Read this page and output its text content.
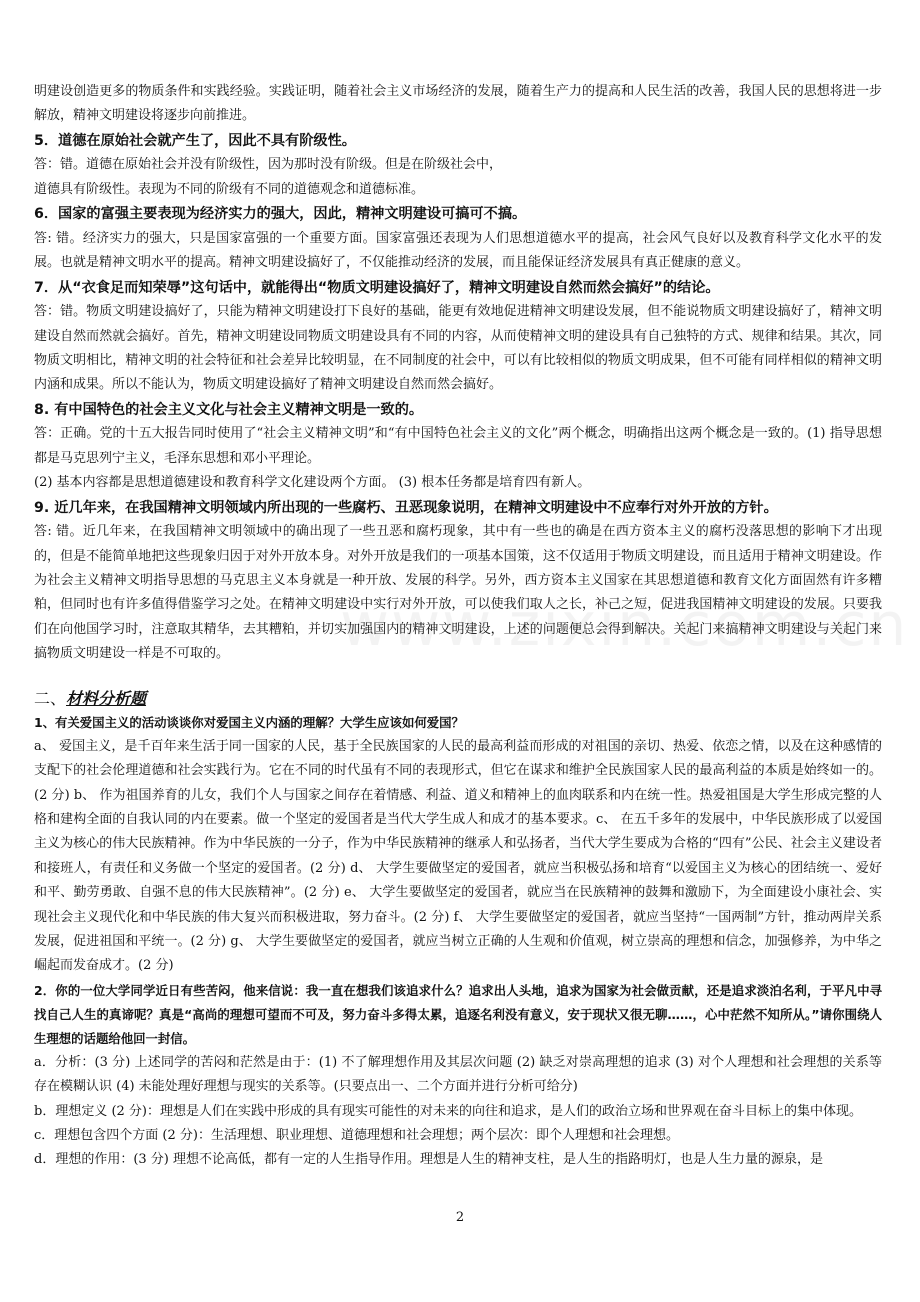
明建设创造更多的物质条件和实践经验。实践证明，随着社会主义市场经济的发展，随着生产力的提高和人民生活的改善，我国人民的思想将进一步解放，精神文明建设将逐步向前推进。

5．道德在原始社会就产生了，因此不具有阶级性。

答：错。道德在原始社会并没有阶级性，因为那时没有阶级。但是在阶级社会中，

道德具有阶级性。表现为不同的阶级有不同的道德观念和道德标准。

6．国家的富强主要表现为经济实力的强大，因此，精神文明建设可搞可不搞。

答: 错。经济实力的强大，只是国家富强的一个重要方面。国家富强还表现为人们思想道德水平的提高，社会风气良好以及教育科学文化水平的发展。也就是精神文明水平的提高。精神文明建设搞好了，不仅能推动经济的发展，而且能保证经济发展具有真正健康的意义。

7．从“衣食足而知荣辱”这句话中，就能得出“物质文明建设搞好了，精神文明建设自然而然会搞好”的结论。

答：错。物质文明建设搞好了，只能为精神文明建设打下良好的基础，能更有效地促进精神文明建设发展，但不能说物质文明建设搞好了，精神文明建设自然而然就会搞好。首先，精神文明建设同物质文明建设具有不同的内容，从而使精神文明的建设具有自己独特的方式、规律和结果。其次，同物质文明相比，精神文明的社会特征和社会差异比较明显，在不同制度的社会中，可以有比较相似的物质文明成果，但不可能有同样相似的精神文明内涵和成果。所以不能认为，物质文明建设搞好了精神文明建设自然而然会搞好。

8. 有中国特色的社会主义文化与社会主义精神文明是一致的。

答：正确。党的十五大报告同时使用了“社会主义精神文明”和“有中国特色社会主义的文化”两个概念，明确指出这两个概念是一致的。(1) 指导思想都是马克思列宁主义，毛泽东思想和邓小平理论。

(2) 基本内容都是思想道德建设和教育科学文化建设两个方面。 (3) 根本任务都是培育四有新人。

9. 近几年来，在我国精神文明领域内所出现的一些腐朽、丑恶现象说明，在精神文明建设中不应奉行对外开放的方针。

答: 错。近几年来，在我国精神文明领域中的确出现了一些丑恶和腐朽现象，其中有一些也的确是在西方资本主义的腐朽没落思想的影响下才出现的，但是不能简单地把这些现象归因于对外开放本身。对外开放是我们的一项基本国策，这不仅适用于物质文明建设，而且适用于精神文明建设。作为社会主义精神文明指导思想的马克思主义本身就是一种开放、发展的科学。另外，西方资本主义国家在其思想道德和教育文化方面固然有许多糟粕，但同时也有许多值得借鉴学习之处。在精神文明建设中实行对外开放，可以使我们取人之长，补己之短，促进我国精神文明建设的发展。只要我们在向他国学习时，注意取其精华，去其糟粕，并切实加强国内的精神文明建设，上述的问题便总会得到解决。关起门来搞精神文明建设与关起门来搞物质文明建设一样是不可取的。

二、材料分析题

1、有关爱国主义的活动谈谈你对爱国主义内涵的理解？大学生应该如何爱国？

a、 爱国主义，是千百年来生活于同一国家的人民，基于全民族国家的人民的最高利益而形成的对祖国的亲切、热爱、依恋之情，以及在这种感情的支配下的社会伦理道德和社会实践行为。它在不同的时代虽有不同的表现形式，但它在谋求和维护全民族国家人民的最高利益的本质是始终如一的。(2 分) b、 作为祖国养育的儿女，我们个人与国家之间存在着情感、利益、道义和精神上的血肉联系和内在统一性。热爱祖国是大学生形成完整的人格和建构全面的自我认同的内在要素。做一个坚定的爱国者是当代大学生成人和成才的基本要求。c、 在五千多年的发展中，中华民族形成了以爱国主义为核心的伟大民族精神。作为中华民族的一分子，作为中华民族精神的继承人和弘扬者，当代大学生要成为合格的“四有”公民、社会主义建设者和接班人，有责任和义务做一个坚定的爱国者。(2 分) d、 大学生要做坚定的爱国者，就应当积极弘扬和培育“以爱国主义为核心的团结统一、爱好和平、勤劳勇敢、自强不息的伟大民族精神”。(2 分) e、 大学生要做坚定的爱国者，就应当在民族精神的鼓舞和激励下，为全面建设小康社会、实现社会主义现代化和中华民族的伟大复兴而积极进取，努力奋斗。(2 分) f、 大学生要做坚定的爱国者，就应当坚持“一国两制”方针，推动两岸关系发展，促进祖国和平统一。(2 分) g、 大学生要做坚定的爱国者，就应当树立正确的人生观和价值观，树立崇高的理想和信念，加强修养，为中华之崛起而发奋成才。(2 分)

2．你的一位大学同学近日有些苦闷，他来信说：我一直在想我们该追求什么？追求出人头地，追求为国家为社会做贡献，还是追求淡泊名利，于平凡中寻找自己人生的真谛呢？真是“高尚的理想可望而不可及，努力奋斗多得太累，追逐名利没有意义，安于现状又很无聊……，心中茫然不知所从。”请你围绕人生理想的话题给他回一封信。

a．分析：(3 分) 上述同学的苦闷和茫然是由于：(1) 不了解理想作用及其层次问题 (2) 缺乏对崇高理想的追求 (3) 对个人理想和社会理想的关系等存在模糊认识 (4) 未能处理好理想与现实的关系等。(只要点出一、二个方面并进行分析可给分)

b．理想定义 (2 分)：理想是人们在实践中形成的具有现实可能性的对未来的向往和追求，是人们的政治立场和世界观在奋斗目标上的集中体现。

c．理想包含四个方面 (2 分)：生活理想、职业理想、道德理想和社会理想；两个层次：即个人理想和社会理想。

d．理想的作用：(3 分) 理想不论高低，都有一定的人生指导作用。理想是人生的精神支柱，是人生的指路明灯，也是人生力量的源泉，是

2
